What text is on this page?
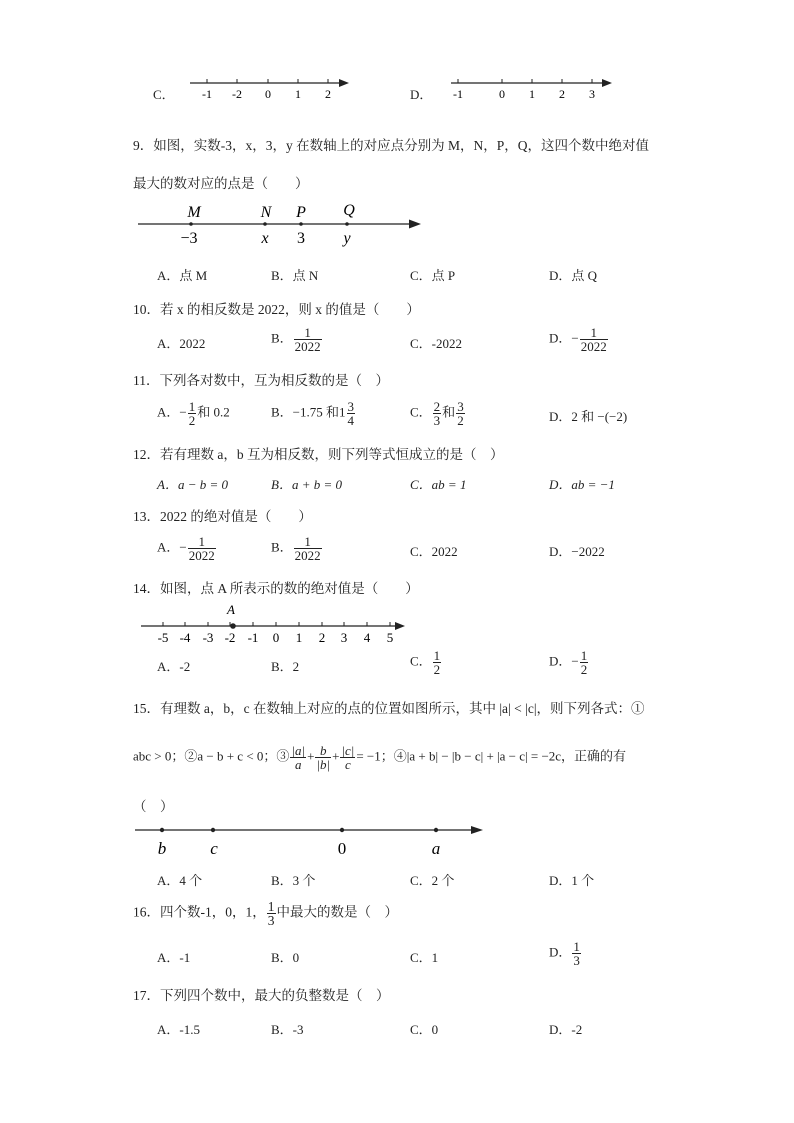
C． -1 -2 0 1 2	D． -1	0 1 2 3
9．如图，实数-3，x，3，y 在数轴上的对应点分别为 M，N，P，Q，这四个数中绝对值
最大的数对应的点是（　　）
M	N P Q
−3	x 3 y
A．点 M	B．点 N	C．点 P	D．点 Q
10．若 x 的相反数是 2022，则 x 的值是（　　）
A．2022	B． $\frac{1}{2022}$	C．-2022	D．− $\frac{1}{2022}$
11．下列各对数中，互为相反数的是（　）
A．− $\frac{1}{2}$ 和 0.2	B．−1.75 和$1 \frac{3}{4}$	C． $\frac{2}{3}$ 和 $\frac{3}{2}$	D．2 和 −(−2)
12．若有理数 a，b 互为相反数，则下列等式恒成立的是（　）
A．a − b = 0	B．a + b = 0	C．ab = 1	D．ab = −1
13．2022 的绝对值是（　　）
A．− $\frac{1}{2022}$	B． $\frac{1}{2022}$	C．2022	D．−2022
14．如图，点 A 所表示的数的绝对值是（　　）
A
-5 -4 -3 -2 -1 0 1 2 3 4 5
A．-2	B．2	C． $\frac{1}{2}$	D．− $\frac{1}{2}$
15．有理数 a，b，c 在数轴上对应的点的位置如图所示，其中 |a| < |c|，则下列各式：①
abc > 0；②a − b + c < 0；③ $\frac{|a|}{a} + \frac{b}{|b|} + \frac{|c|}{c} = -1$；④|a + b| − |b − c| + |a − c| = −2c，正确的有
（　）
b	c	0	a
A．4 个	B．3 个	C．2 个	D．1 个
16．四个数-1，0，1， $\frac{1}{3}$ 中最大的数是（　）
A．-1	B．0	C．1	D． $\frac{1}{3}$
17．下列四个数中，最大的负整数是（　）
A．-1.5	B．-3	C．0	D．-2
